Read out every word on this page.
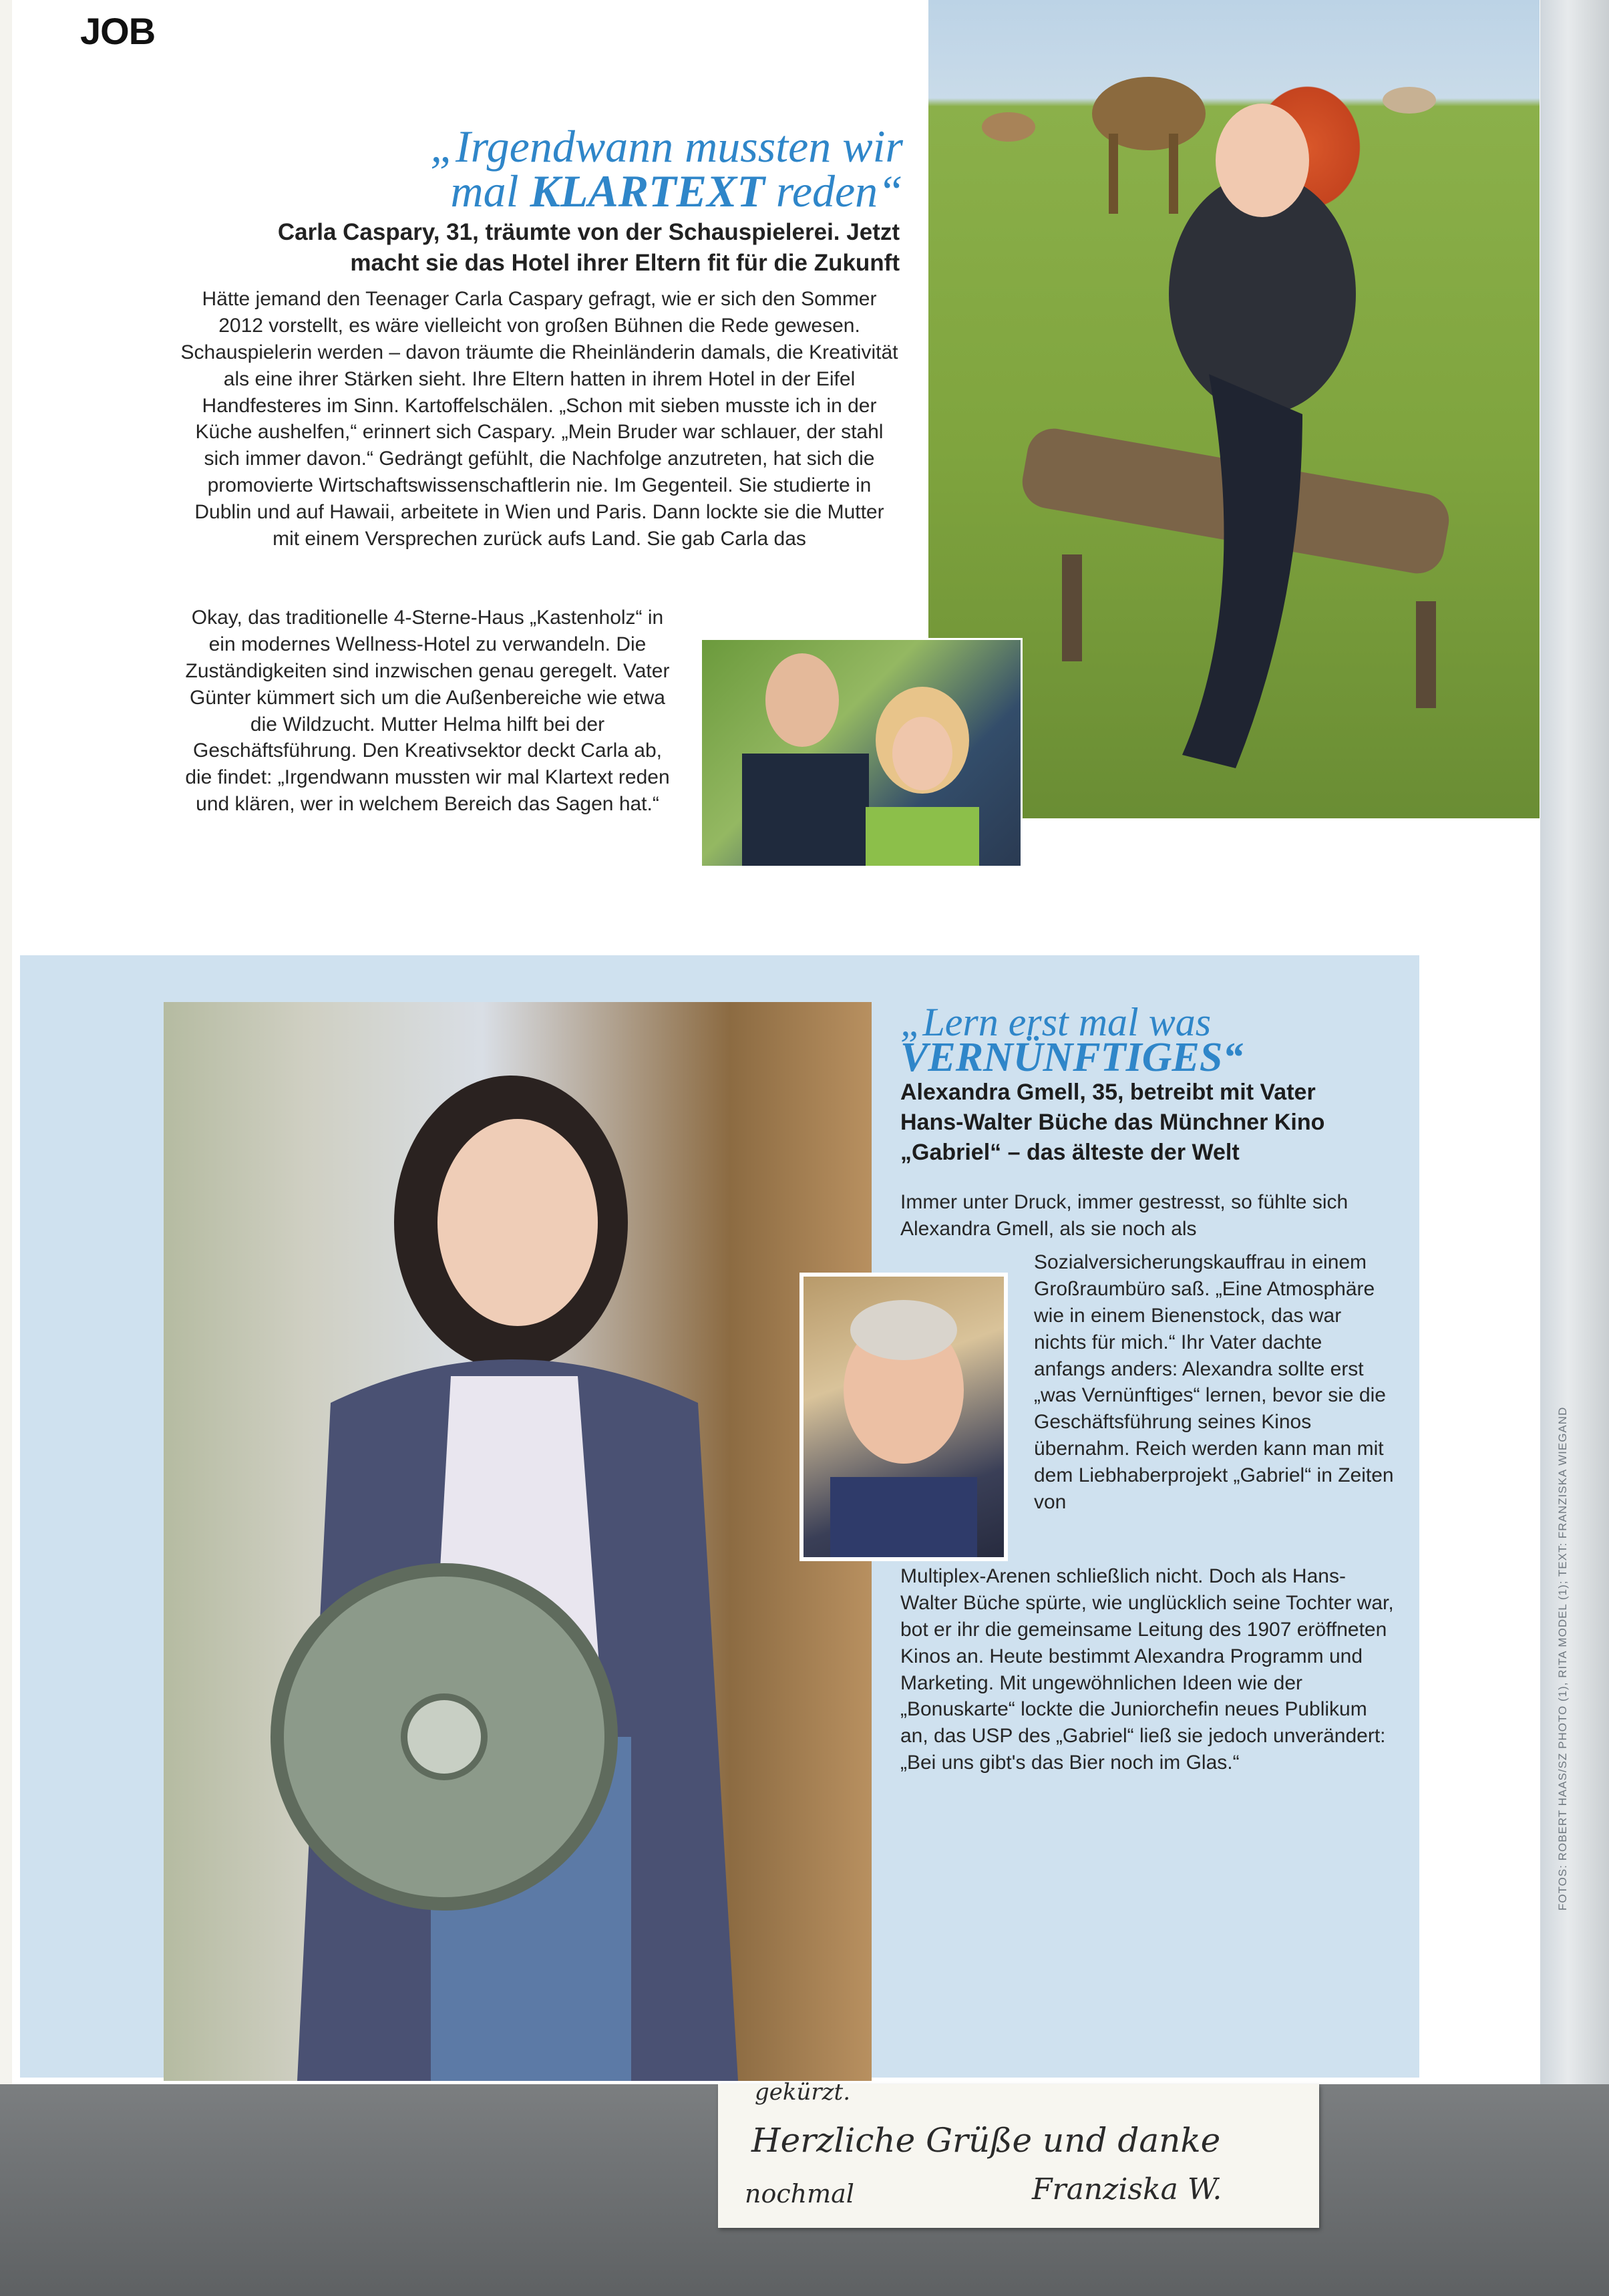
FOTOS: ROBERT HAAS/SZ PHOTO (1), RITA MODEL (1); TEXT: FRANZISKA WIEGAND
JOB
„Irgendwann mussten wir
mal KLARTEXT reden“
Carla Caspary, 31, träumte von der Schauspielerei. Jetzt macht sie das Hotel ihrer Eltern fit für die Zukunft
Hätte jemand den Teenager Carla Caspary gefragt, wie er sich den Sommer 2012 vorstellt, es wäre vielleicht von großen Bühnen die Rede gewesen. Schauspielerin werden – davon träumte die Rheinländerin damals, die Kreativität als eine ihrer Stärken sieht. Ihre Eltern hatten in ihrem Hotel in der Eifel Handfesteres im Sinn. Kartoffelschälen. „Schon mit sieben musste ich in der Küche aushelfen,“ erinnert sich Caspary. „Mein Bruder war schlauer, der stahl sich immer davon.“ Gedrängt gefühlt, die Nachfolge anzutreten, hat sich die promovierte Wirtschaftswissenschaftlerin nie. Im Gegenteil. Sie studierte in Dublin und auf Hawaii, arbeitete in Wien und Paris. Dann lockte sie die Mutter mit einem Versprechen zurück aufs Land. Sie gab Carla das
Okay, das traditionelle 4-Sterne-Haus „Kastenholz“ in ein modernes Wellness-Hotel zu verwandeln. Die Zuständigkeiten sind inzwischen genau geregelt. Vater Günter kümmert sich um die Außenbereiche wie etwa die Wildzucht. Mutter Helma hilft bei der Geschäftsführung. Den Kreativsektor deckt Carla ab, die findet: „Irgendwann mussten wir mal Klartext reden und klären, wer in welchem Bereich das Sagen hat.“
„Lern erst mal was
VERNÜNFTIGES“
Alexandra Gmell, 35, betreibt mit Vater Hans-Walter Büche das Münchner Kino „Gabriel“ – das älteste der Welt
Immer unter Druck, immer gestresst, so fühlte sich Alexandra Gmell, als sie noch als
Sozialversicherungskauffrau in einem Großraumbüro saß. „Eine Atmosphäre wie in einem Bienenstock, das war nichts für mich.“ Ihr Vater dachte anfangs anders: Alexandra sollte erst „was Vernünftiges“ lernen, bevor sie die Geschäftsführung seines Kinos übernahm. Reich werden kann man mit dem Liebhaberprojekt „Gabriel“ in Zeiten von
Multiplex-Arenen schließlich nicht. Doch als Hans-Walter Büche spürte, wie unglücklich seine Tochter war, bot er ihr die gemeinsame Leitung des 1907 eröffneten Kinos an. Heute bestimmt Alexandra Programm und Marketing. Mit ungewöhnlichen Ideen wie der „Bonuskarte“ lockte die Juniorchefin neues Publikum an, das USP des „Gabriel“ ließ sie jedoch unverändert: „Bei uns gibt's das Bier noch im Glas.“
gekürzt.
Herzliche Grüße und danke
nochmal	Franziska W.
